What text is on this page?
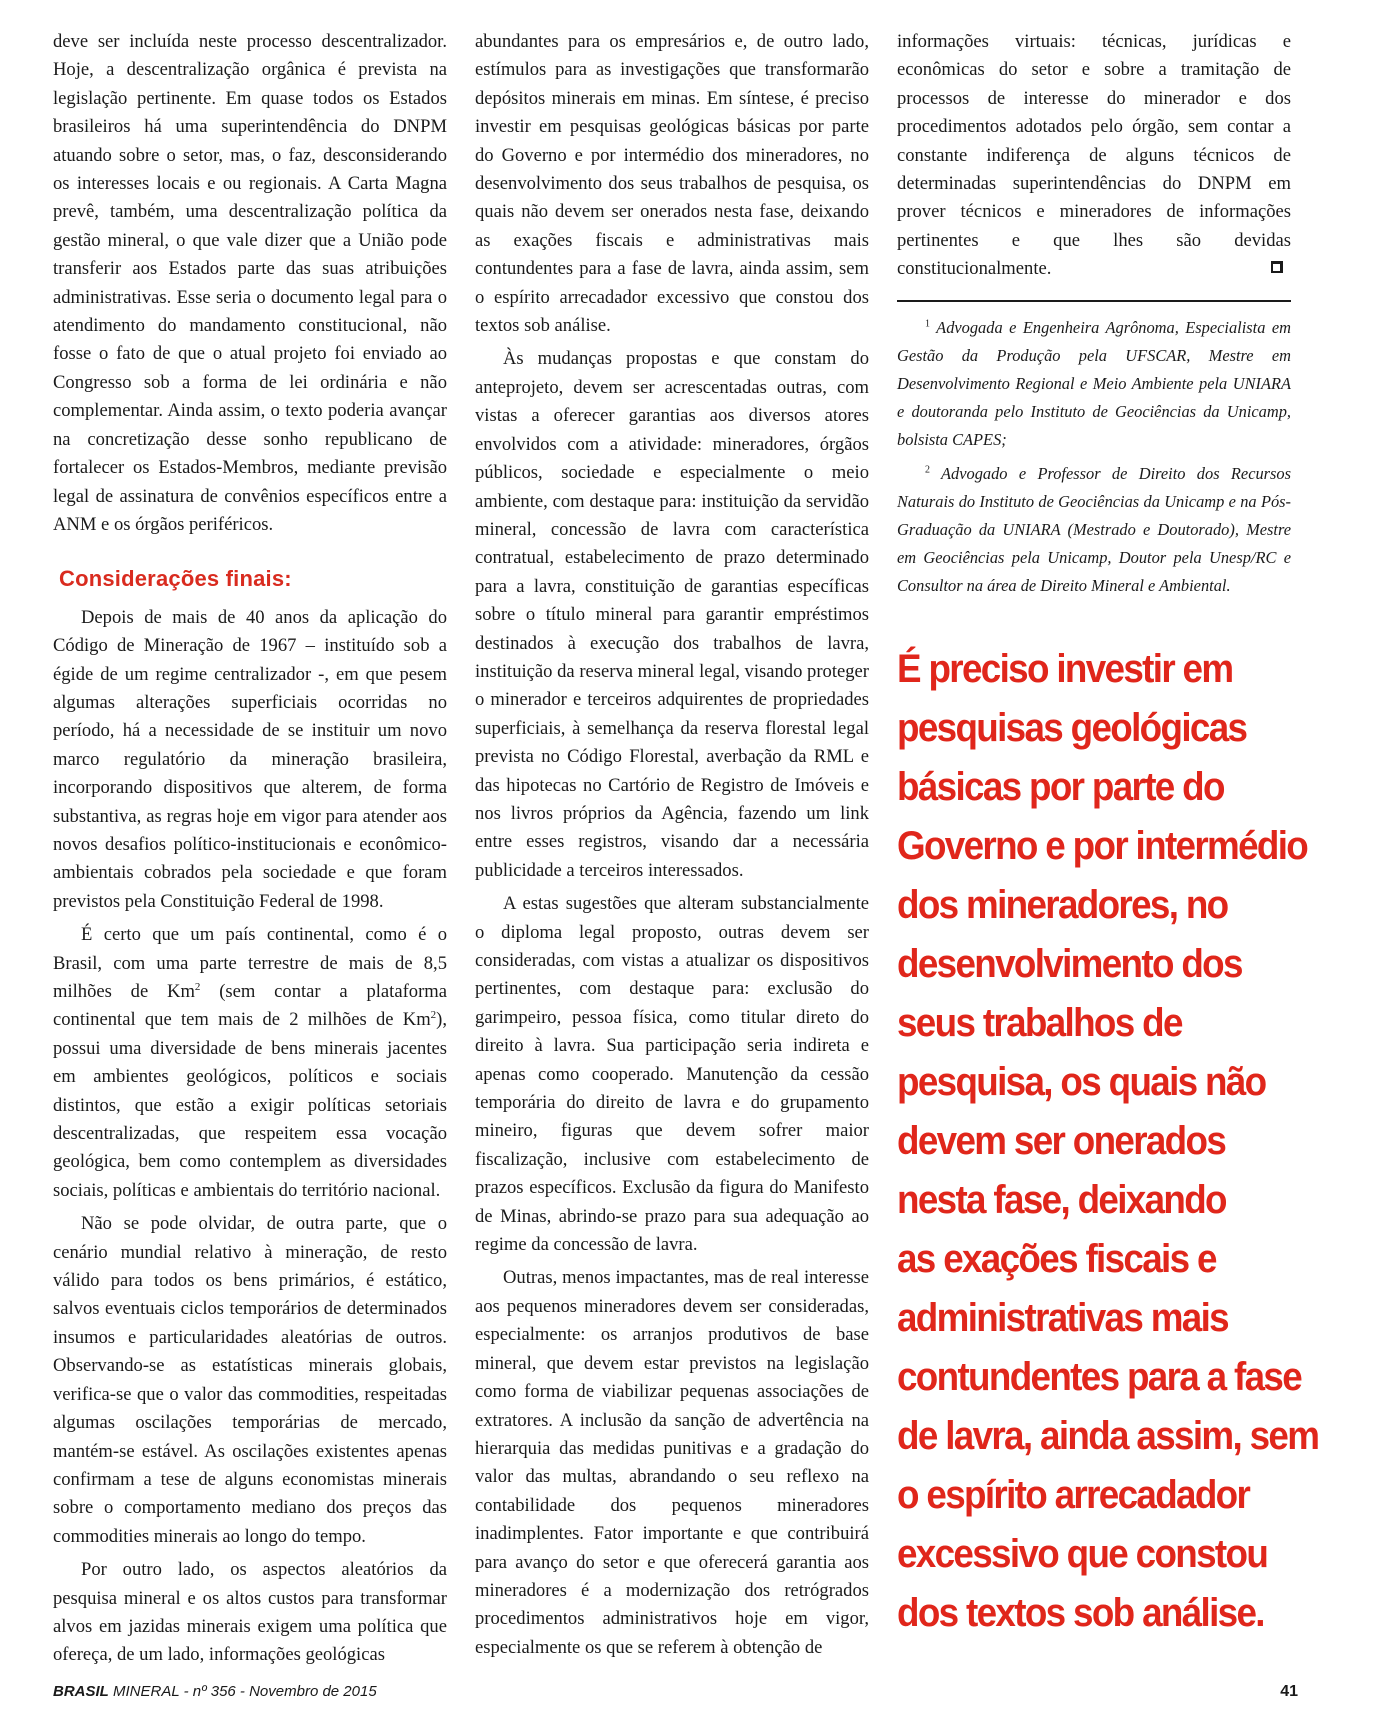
deve ser incluída neste processo descentralizador. Hoje, a descentralização orgânica é prevista na legislação pertinente. Em quase todos os Estados brasileiros há uma superintendência do DNPM atuando sobre o setor, mas, o faz, desconsiderando os interesses locais e ou regionais. A Carta Magna prevê, também, uma descentralização política da gestão mineral, o que vale dizer que a União pode transferir aos Estados parte das suas atribuições administrativas. Esse seria o documento legal para o atendimento do mandamento constitucional, não fosse o fato de que o atual projeto foi enviado ao Congresso sob a forma de lei ordinária e não complementar. Ainda assim, o texto poderia avançar na concretização desse sonho republicano de fortalecer os Estados-Membros, mediante previsão legal de assinatura de convênios específicos entre a ANM e os órgãos periféricos.

Considerações finais:

Depois de mais de 40 anos da aplicação do Código de Mineração de 1967 – instituído sob a égide de um regime centralizador -, em que pesem algumas alterações superficiais ocorridas no período, há a necessidade de se instituir um novo marco regulatório da mineração brasileira, incorporando dispositivos que alterem, de forma substantiva, as regras hoje em vigor para atender aos novos desafios político-institucionais e econômico-ambientais cobrados pela sociedade e que foram previstos pela Constituição Federal de 1998.

É certo que um país continental, como é o Brasil, com uma parte terrestre de mais de 8,5 milhões de Km$^2$ (sem contar a plataforma continental que tem mais de 2 milhões de Km$^2$), possui uma diversidade de bens minerais jacentes em ambientes geológicos, políticos e sociais distintos, que estão a exigir políticas setoriais descentralizadas, que respeitem essa vocação geológica, bem como contemplem as diversidades sociais, políticas e ambientais do território nacional.

Não se pode olvidar, de outra parte, que o cenário mundial relativo à mineração, de resto válido para todos os bens primários, é estático, salvos eventuais ciclos temporários de determinados insumos e particularidades aleatórias de outros. Observando-se as estatísticas minerais globais, verifica-se que o valor das commodities, respeitadas algumas oscilações temporárias de mercado, mantém-se estável. As oscilações existentes apenas confirmam a tese de alguns economistas minerais sobre o comportamento mediano dos preços das commodities minerais ao longo do tempo.

Por outro lado, os aspectos aleatórios da pesquisa mineral e os altos custos para transformar alvos em jazidas minerais exigem uma política que ofereça, de um lado, informações geológicas

abundantes para os empresários e, de outro lado, estímulos para as investigações que transformarão depósitos minerais em minas. Em síntese, é preciso investir em pesquisas geológicas básicas por parte do Governo e por intermédio dos mineradores, no desenvolvimento dos seus trabalhos de pesquisa, os quais não devem ser onerados nesta fase, deixando as exações fiscais e administrativas mais contundentes para a fase de lavra, ainda assim, sem o espírito arrecadador excessivo que constou dos textos sob análise.

Às mudanças propostas e que constam do anteprojeto, devem ser acrescentadas outras, com vistas a oferecer garantias aos diversos atores envolvidos com a atividade: mineradores, órgãos públicos, sociedade e especialmente o meio ambiente, com destaque para: instituição da servidão mineral, concessão de lavra com característica contratual, estabelecimento de prazo determinado para a lavra, constituição de garantias específicas sobre o título mineral para garantir empréstimos destinados à execução dos trabalhos de lavra, instituição da reserva mineral legal, visando proteger o minerador e terceiros adquirentes de propriedades superficiais, à semelhança da reserva florestal legal prevista no Código Florestal, averbação da RML e das hipotecas no Cartório de Registro de Imóveis e nos livros próprios da Agência, fazendo um link entre esses registros, visando dar a necessária publicidade a terceiros interessados.

A estas sugestões que alteram substancialmente o diploma legal proposto, outras devem ser consideradas, com vistas a atualizar os dispositivos pertinentes, com destaque para: exclusão do garimpeiro, pessoa física, como titular direto do direito à lavra. Sua participação seria indireta e apenas como cooperado. Manutenção da cessão temporária do direito de lavra e do grupamento mineiro, figuras que devem sofrer maior fiscalização, inclusive com estabelecimento de prazos específicos. Exclusão da figura do Manifesto de Minas, abrindo-se prazo para sua adequação ao regime da concessão de lavra.

Outras, menos impactantes, mas de real interesse aos pequenos mineradores devem ser consideradas, especialmente: os arranjos produtivos de base mineral, que devem estar previstos na legislação como forma de viabilizar pequenas associações de extratores. A inclusão da sanção de advertência na hierarquia das medidas punitivas e a gradação do valor das multas, abrandando o seu reflexo na contabilidade dos pequenos mineradores inadimplentes. Fator importante e que contribuirá para avanço do setor e que oferecerá garantia aos mineradores é a modernização dos retrógrados procedimentos administrativos hoje em vigor, especialmente os que se referem à obtenção de

informações virtuais: técnicas, jurídicas e econômicas do setor e sobre a tramitação de processos de interesse do minerador e dos procedimentos adotados pelo órgão, sem contar a constante indiferença de alguns técnicos de determinadas superintendências do DNPM em prover técnicos e mineradores de informações pertinentes e que lhes são devidas constitucionalmente.

$^1$ Advogada e Engenheira Agrônoma, Especialista em Gestão da Produção pela UFSCAR, Mestre em Desenvolvimento Regional e Meio Ambiente pela UNIARA e doutoranda pelo Instituto de Geociências da Unicamp, bolsista CAPES;

$^2$ Advogado e Professor de Direito dos Recursos Naturais do Instituto de Geociências da Unicamp e na Pós-Graduação da UNIARA (Mestrado e Doutorado), Mestre em Geociências pela Unicamp, Doutor pela Unesp/RC e Consultor na área de Direito Mineral e Ambiental.

É preciso investir em
pesquisas geológicas
básicas por parte do
Governo e por intermédio
dos mineradores, no
desenvolvimento dos
seus trabalhos de
pesquisa, os quais não
devem ser onerados
nesta fase, deixando
as exações fiscais e
administrativas mais
contundentes para a fase
de lavra, ainda assim, sem
o espírito arrecadador
excessivo que constou
dos textos sob análise.
BRASIL MINERAL - nº 356 - Novembro de 2015	41
